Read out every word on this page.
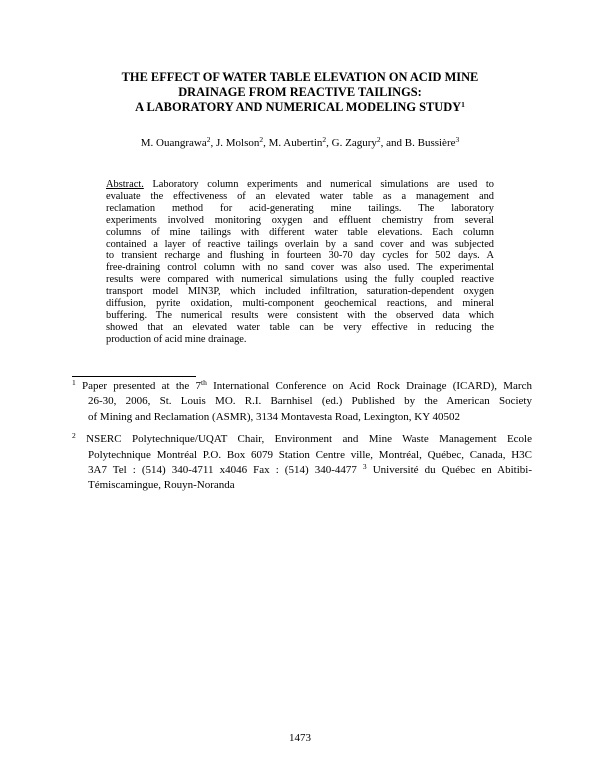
THE EFFECT OF WATER TABLE ELEVATION ON ACID MINE
DRAINAGE FROM REACTIVE TAILINGS:
A LABORATORY AND NUMERICAL MODELING STUDY$^1$
M. Ouangrawa$^2$, J. Molson$^2$, M. Aubertin$^2$, G. Zagury$^2$, and B. Bussière$^3$
Abstract. Laboratory column experiments and numerical simulations are used to
evaluate the effectiveness of an elevated water table as a management and
reclamation method for acid-generating mine tailings. The laboratory
experiments involved monitoring oxygen and effluent chemistry from several
columns of mine tailings with different water table elevations. Each column
contained a layer of reactive tailings overlain by a sand cover and was subjected
to transient recharge and flushing in fourteen 30-70 day cycles for 502 days. A
free-draining control column with no sand cover was also used. The experimental
results were compared with numerical simulations using the fully coupled reactive
transport model MIN3P, which included infiltration, saturation-dependent oxygen
diffusion, pyrite oxidation, multi-component geochemical reactions, and mineral
buffering. The numerical results were consistent with the observed data which
showed that an elevated water table can be very effective in reducing the
production of acid mine drainage.
$^1$ Paper presented at the 7th International Conference on Acid Rock Drainage (ICARD), March
26-30, 2006, St. Louis MO. R.I. Barnhisel (ed.) Published by the American Society
of Mining and Reclamation (ASMR), 3134 Montavesta Road, Lexington, KY 40502
$^2$ NSERC Polytechnique/UQAT Chair, Environment and Mine Waste Management Ecole
Polytechnique Montréal P.O. Box 6079 Station Centre ville, Montréal, Québec, Canada, H3C
3A7 Tel : (514) 340-4711 x4046 Fax : (514) 340-4477 $^3$ Université du Québec en Abitibi-
Témiscamingue, Rouyn-Noranda
1473
